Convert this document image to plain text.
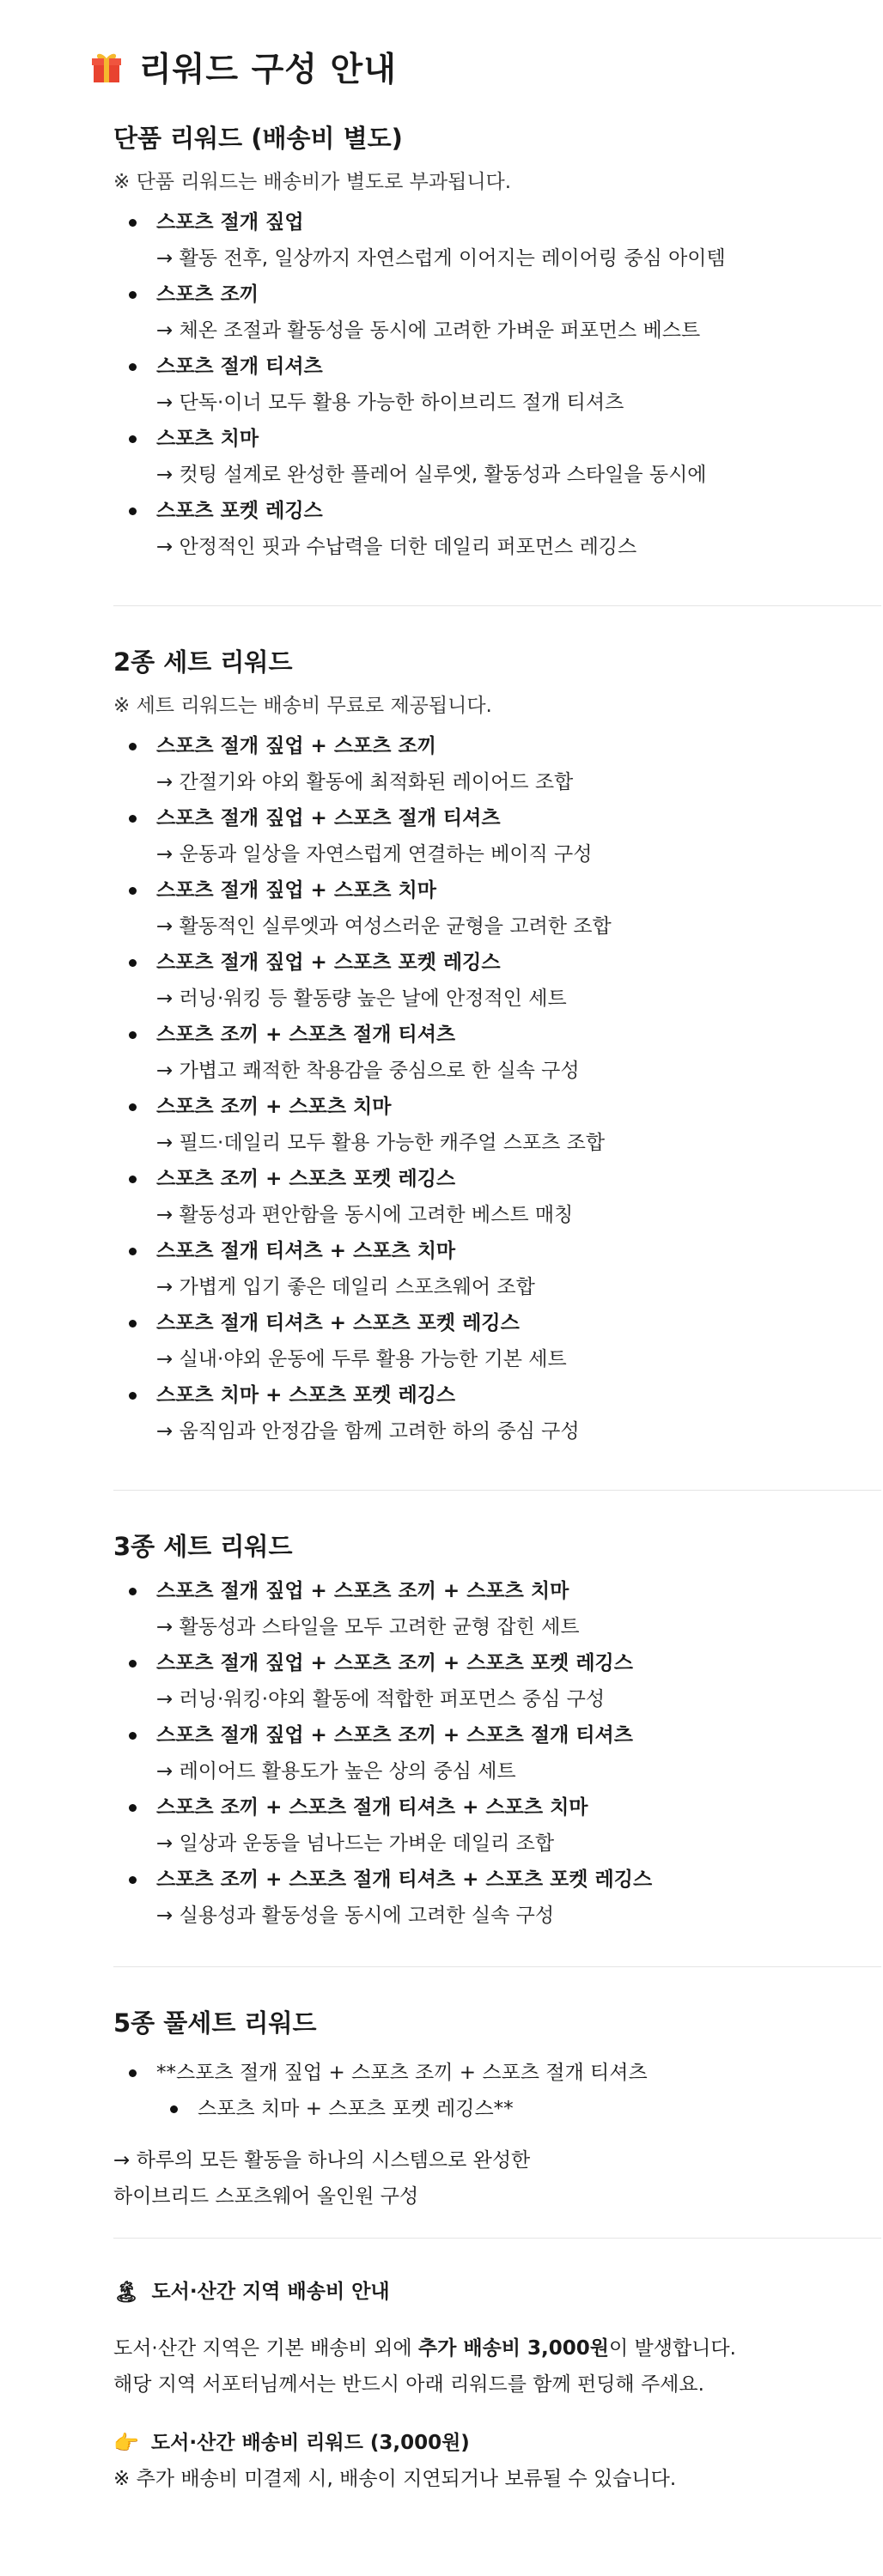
리워드 구성 안내
단품 리워드 (배송비 별도)

※ 단품 리워드는 배송비가 별도로 부과됩니다.

스포츠 절개 짚업
→ 활동 전후, 일상까지 자연스럽게 이어지는 레이어링 중심 아이템
스포츠 조끼
→ 체온 조절과 활동성을 동시에 고려한 가벼운 퍼포먼스 베스트
스포츠 절개 티셔츠
→ 단독·이너 모두 활용 가능한 하이브리드 절개 티셔츠
스포츠 치마
→ 컷팅 설계로 완성한 플레어 실루엣, 활동성과 스타일을 동시에
스포츠 포켓 레깅스
→ 안정적인 핏과 수납력을 더한 데일리 퍼포먼스 레깅스
2종 세트 리워드

※ 세트 리워드는 배송비 무료로 제공됩니다.

스포츠 절개 짚업 + 스포츠 조끼
→ 간절기와 야외 활동에 최적화된 레이어드 조합
스포츠 절개 짚업 + 스포츠 절개 티셔츠
→ 운동과 일상을 자연스럽게 연결하는 베이직 구성
스포츠 절개 짚업 + 스포츠 치마
→ 활동적인 실루엣과 여성스러운 균형을 고려한 조합
스포츠 절개 짚업 + 스포츠 포켓 레깅스
→ 러닝·워킹 등 활동량 높은 날에 안정적인 세트
스포츠 조끼 + 스포츠 절개 티셔츠
→ 가볍고 쾌적한 착용감을 중심으로 한 실속 구성
스포츠 조끼 + 스포츠 치마
→ 필드·데일리 모두 활용 가능한 캐주얼 스포츠 조합
스포츠 조끼 + 스포츠 포켓 레깅스
→ 활동성과 편안함을 동시에 고려한 베스트 매칭
스포츠 절개 티셔츠 + 스포츠 치마
→ 가볍게 입기 좋은 데일리 스포츠웨어 조합
스포츠 절개 티셔츠 + 스포츠 포켓 레깅스
→ 실내·야외 운동에 두루 활용 가능한 기본 세트
스포츠 치마 + 스포츠 포켓 레깅스
→ 움직임과 안정감을 함께 고려한 하의 중심 구성
3종 세트 리워드
스포츠 절개 짚업 + 스포츠 조끼 + 스포츠 치마
→ 활동성과 스타일을 모두 고려한 균형 잡힌 세트
스포츠 절개 짚업 + 스포츠 조끼 + 스포츠 포켓 레깅스
→ 러닝·워킹·야외 활동에 적합한 퍼포먼스 중심 구성
스포츠 절개 짚업 + 스포츠 조끼 + 스포츠 절개 티셔츠
→ 레이어드 활용도가 높은 상의 중심 세트
스포츠 조끼 + 스포츠 절개 티셔츠 + 스포츠 치마
→ 일상과 운동을 넘나드는 가벼운 데일리 조합
스포츠 조끼 + 스포츠 절개 티셔츠 + 스포츠 포켓 레깅스
→ 실용성과 활동성을 동시에 고려한 실속 구성
5종 풀세트 리워드
**스포츠 절개 짚업 + 스포츠 조끼 + 스포츠 절개 티셔츠
스포츠 치마 + 스포츠 포켓 레깅스**

→ 하루의 모든 활동을 하나의 시스템으로 완성한

하이브리드 스포츠웨어 올인원 구성

🏝 도서·산간 지역 배송비 안내

도서·산간 지역은 기본 배송비 외에 추가 배송비 3,000원이 발생합니다.

해당 지역 서포터님께서는 반드시 아래 리워드를 함께 펀딩해 주세요.

👉 도서·산간 배송비 리워드 (3,000원)

※ 추가 배송비 미결제 시, 배송이 지연되거나 보류될 수 있습니다.
